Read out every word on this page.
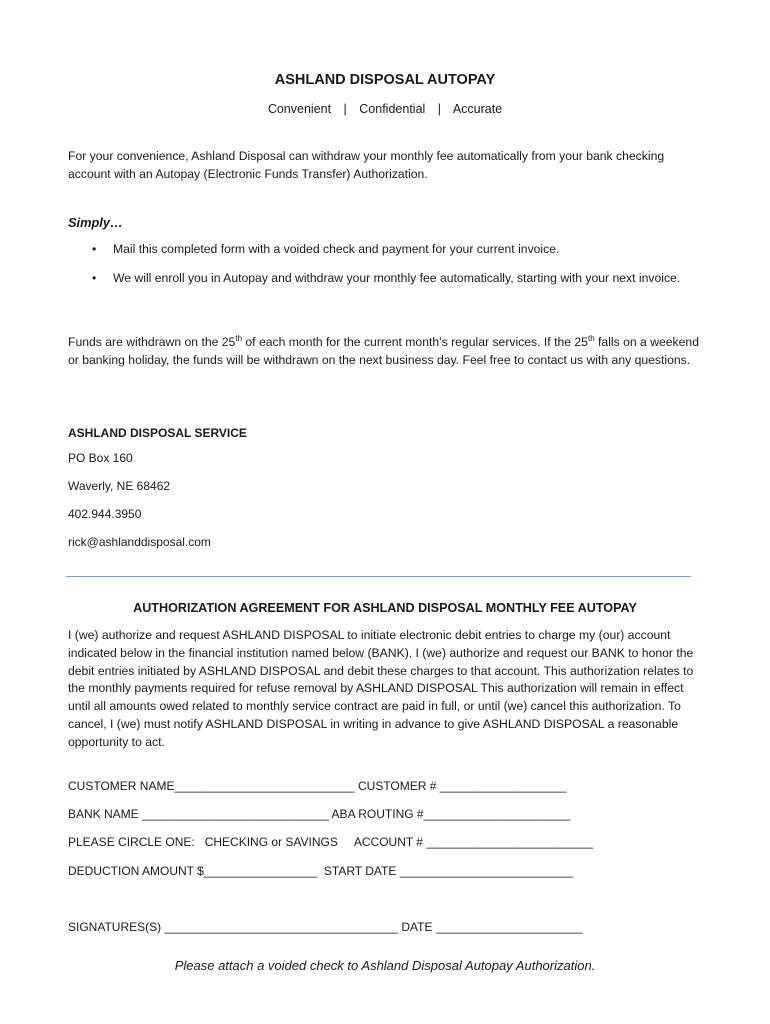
ASHLAND DISPOSAL AUTOPAY
Convenient | Confidential | Accurate
For your convenience, Ashland Disposal can withdraw your monthly fee automatically from your bank checking account with an Autopay (Electronic Funds Transfer) Authorization.
Simply…
• Mail this completed form with a voided check and payment for your current invoice.
• We will enroll you in Autopay and withdraw your monthly fee automatically, starting with your next invoice.
Funds are withdrawn on the 25th of each month for the current month’s regular services. If the 25th falls on a weekend or banking holiday, the funds will be withdrawn on the next business day. Feel free to contact us with any questions.
ASHLAND DISPOSAL SERVICE
PO Box 160
Waverly, NE 68462
402.944.3950
rick@ashlanddisposal.com
AUTHORIZATION AGREEMENT FOR ASHLAND DISPOSAL MONTHLY FEE AUTOPAY
I (we) authorize and request ASHLAND DISPOSAL to initiate electronic debit entries to charge my (our) account indicated below in the financial institution named below (BANK). I (we) authorize and request our BANK to honor the debit entries initiated by ASHLAND DISPOSAL and debit these charges to that account. This authorization relates to the monthly payments required for refuse removal by ASHLAND DISPOSAL This authorization will remain in effect until all amounts owed related to monthly service contract are paid in full, or until (we) cancel this authorization. To cancel, I (we) must notify ASHLAND DISPOSAL in writing in advance to give ASHLAND DISPOSAL a reasonable opportunity to act.
CUSTOMER NAME___________________________ CUSTOMER # ___________________
BANK NAME ____________________________ ABA ROUTING #______________________
PLEASE CIRCLE ONE:   CHECKING or SAVINGS     ACCOUNT # _________________________
DEDUCTION AMOUNT $_________________  START DATE __________________________
SIGNATURES(S) ___________________________________ DATE ______________________
Please attach a voided check to Ashland Disposal Autopay Authorization.
